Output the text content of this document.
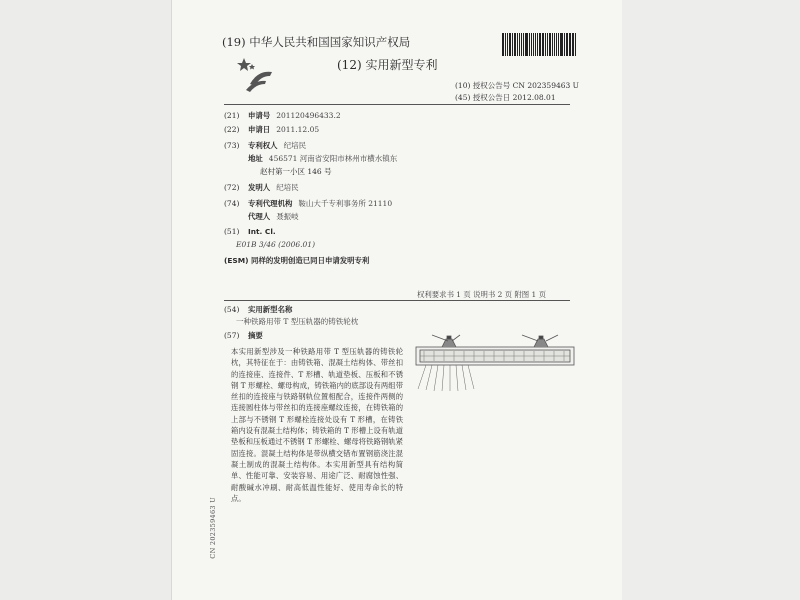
(19) 中华人民共和国国家知识产权局
(12) 实用新型专利
(10) 授权公告号 CN 202359463 U
(45) 授权公告日 2012.08.01
(21) 申请号 201120496433.2
(22) 申请日 2011.12.05
(73) 专利权人 纪培民
地址 456571 河南省安阳市林州市横水镇东
赵村第一小区 146 号
(72) 发明人 纪培民
(74) 专利代理机构 鞍山大千专利事务所 21110
代理人 聂振岐
(51) Int. Cl.
E01B 3/46 (2006.01)
(ESM) 同样的发明创造已同日申请发明专利
权利要求书 1 页 说明书 2 页 附图 1 页
(54) 实用新型名称
一种铁路用带 T 型压轨器的铸铁轮枕
(57) 摘要
本实用新型涉及一种铁路用带 T 型压轨器的铸铁轮枕，其特征在于：由铸铁箱、混凝土结构体、带丝扣的连接座、连接件、T 形槽、轨道垫板、压板和不锈钢 T 形螺栓、螺母构成，铸铁箱内的底部设有两组带丝扣的连接座与铁路钢轨位置相配合，连接件两侧的连接圆柱体与带丝扣的连接座螺纹连接，在铸铁箱的上部与不锈钢 T 形螺栓连接处设有 T 形槽，在铸铁箱内设有混凝土结构体；铸铁箱的 T 形槽上设有轨道垫板和压板通过不锈钢 T 形螺栓、螺母将铁路钢轨紧固连接。混凝土结构体是带纵横交错布置钢筋浇注混凝土制成的混凝土结构体。本实用新型具有结构简单、性能可靠、安装容易、用途广泛、耐腐蚀性强、耐酸碱水冲刷、耐高低温性能好、使用寿命长的特点。
CN 202359463 U
